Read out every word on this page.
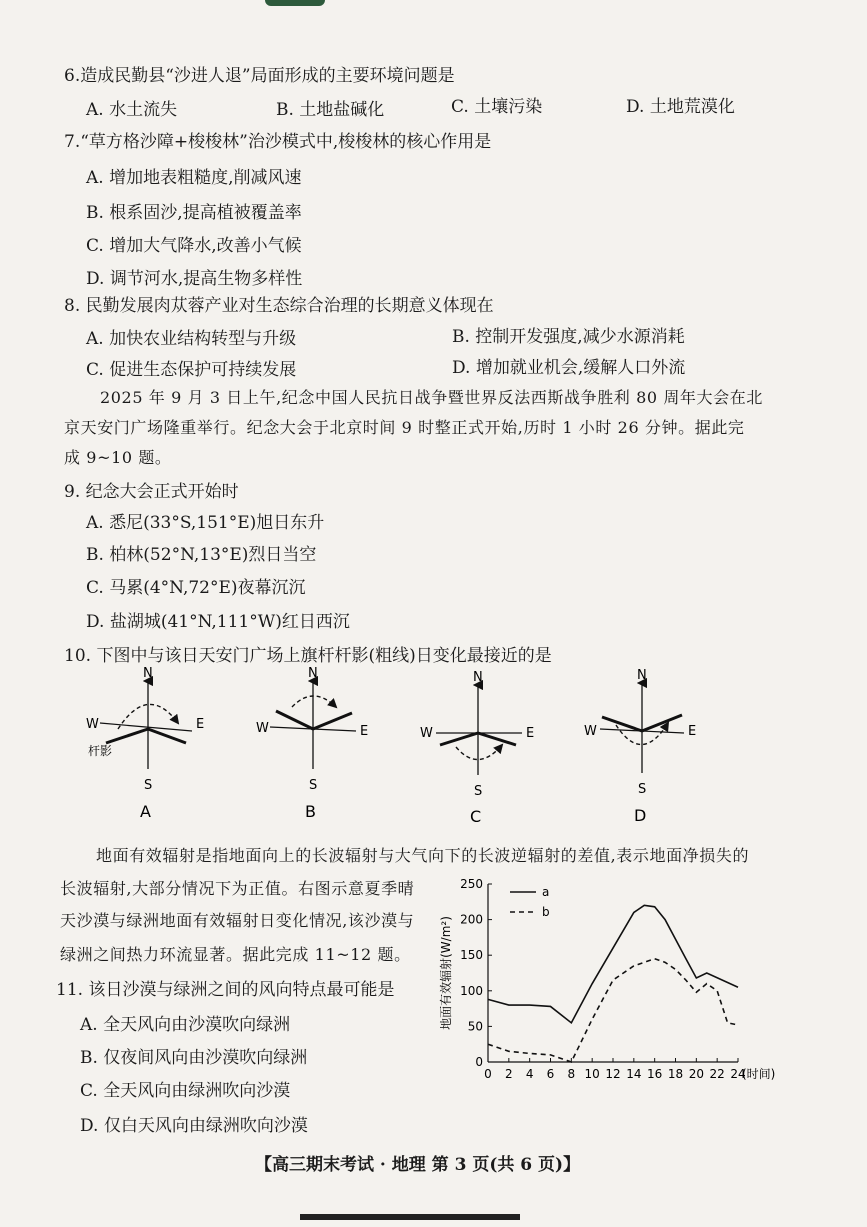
6.造成民勤县“沙进人退”局面形成的主要环境问题是
A. 水土流失	B. 土地盐碱化	C. 土壤污染	D. 土地荒漠化
7.“草方格沙障+梭梭林”治沙模式中,梭梭林的核心作用是
A. 增加地表粗糙度,削减风速
B. 根系固沙,提高植被覆盖率
C. 增加大气降水,改善小气候
D. 调节河水,提高生物多样性
8. 民勤发展肉苁蓉产业对生态综合治理的长期意义体现在
A. 加快农业结构转型与升级	B. 控制开发强度,减少水源消耗
C. 促进生态保护可持续发展	D. 增加就业机会,缓解人口外流
2025 年 9 月 3 日上午,纪念中国人民抗日战争暨世界反法西斯战争胜利 80 周年大会在北
京天安门广场隆重举行。纪念大会于北京时间 9 时整正式开始,历时 1 小时 26 分钟。据此完
成 9~10 题。
9. 纪念大会正式开始时
A. 悉尼(33°S,151°E)旭日东升
B. 柏林(52°N,13°E)烈日当空
C. 马累(4°N,72°E)夜幕沉沉
D. 盐湖城(41°N,111°W)红日西沉
10. 下图中与该日天安门广场上旗杆杆影(粗线)日变化最接近的是
N
W	E
S
杆影
A
N
W	E
S
B
N
W	E
S
C
N
W	E
S
D
地面有效辐射是指地面向上的长波辐射与大气向下的长波逆辐射的差值,表示地面净损失的
长波辐射,大部分情况下为正值。右图示意夏季晴
天沙漠与绿洲地面有效辐射日变化情况,该沙漠与
绿洲之间热力环流显著。据此完成 11~12 题。
11. 该日沙漠与绿洲之间的风向特点最可能是
A. 全天风向由沙漠吹向绿洲
B. 仅夜间风向由沙漠吹向绿洲
C. 全天风向由绿洲吹向沙漠
D. 仅白天风向由绿洲吹向沙漠
0 2 4 6 8 10 12 14 16 18 20 22 24
0
50
100
150
200
250
a
b
地面有效辐射(W/m²)
(时间)
【高三期末考试 · 地理 第 3 页(共 6 页)】
